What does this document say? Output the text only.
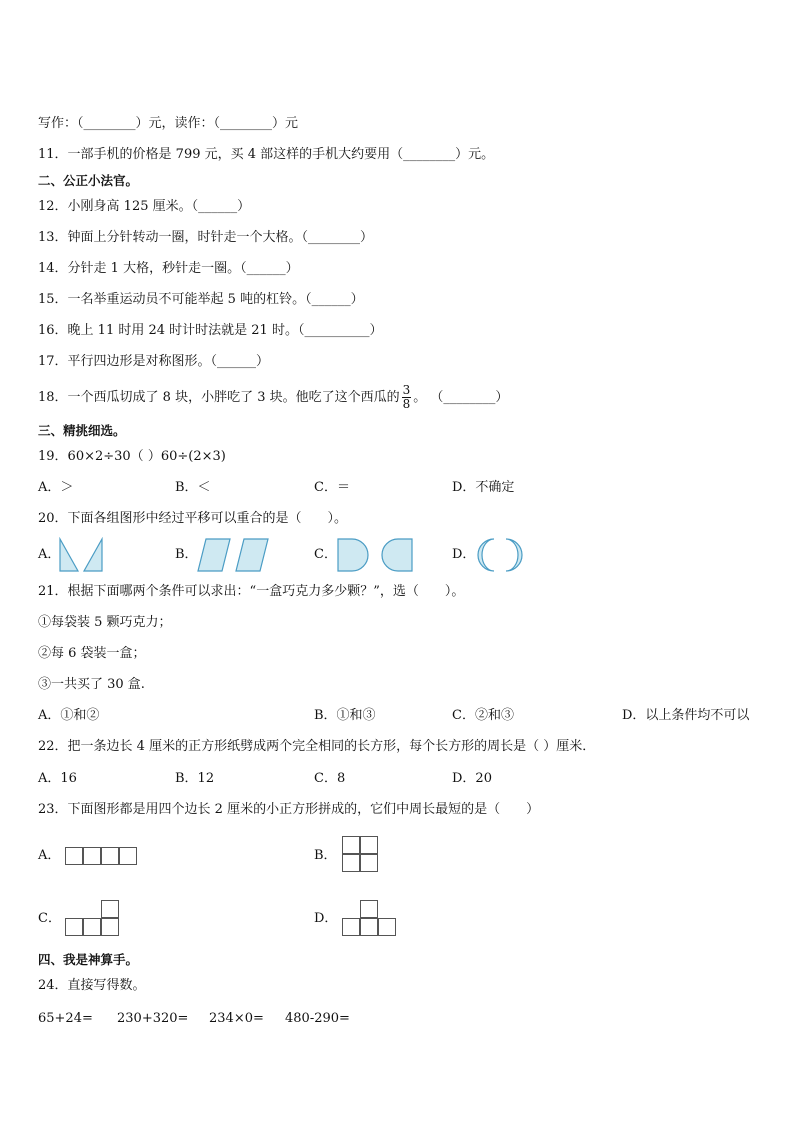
写作：（________）元，读作：（________）元
11．一部手机的价格是 799 元，买 4 部这样的手机大约要用（________）元。
二、公正小法官。
12．小刚身高 125 厘米。（______）
13．钟面上分针转动一圈，时针走一个大格。（________）
14．分针走 1 大格，秒针走一圈。（______）
15．一名举重运动员不可能举起 5 吨的杠铃。（______）
16．晚上 11 时用 24 时计时法就是 21 时。（__________）
17．平行四边形是对称图形。（______）
18．一个西瓜切成了 8 块，小胖吃了 3 块。他吃了这个西瓜的 $\frac{3}{8}$ 。 （________）
三、精挑细选。
19．60×2÷30（ ）60÷(2×3)
A．＞	B．＜	C．＝	D．不确定
20．下面各组图形中经过平移可以重合的是（　　）。
A．	B．	C．	D．
21．根据下面哪两个条件可以求出：“一盒巧克力多少颗？”，选（　　）。
①每袋装 5 颗巧克力；
②每 6 袋装一盒；
③一共买了 30 盒.
A．①和②	B．①和③	C．②和③	D．以上条件均不可以
22．把一条边长 4 厘米的正方形纸劈成两个完全相同的长方形，每个长方形的周长是（ ）厘米．
A．16	B．12	C．8	D．20
23．下面图形都是用四个边长 2 厘米的小正方形拼成的，它们中周长最短的是（　　）
A．	B．
C．	D．
四、我是神算手。
24．直接写得数。
65+24= 230+320= 234×0= 480-290=
